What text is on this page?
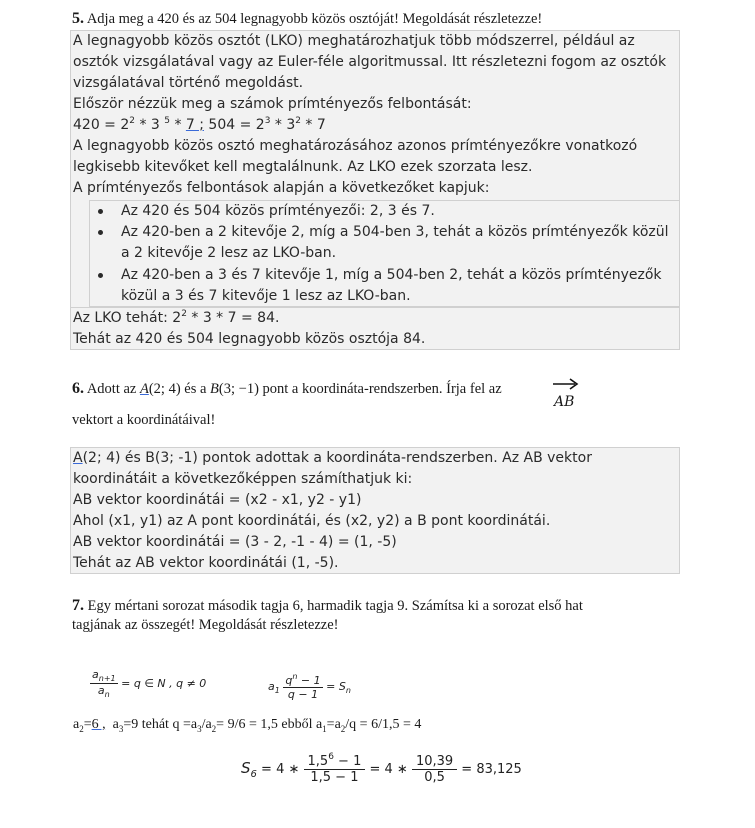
5. Adja meg a 420 és az 504 legnagyobb közös osztóját! Megoldását részletezze!
A legnagyobb közös osztót (LKO) meghatározhatjuk több módszerrel, például az
osztók vizsgálatával vagy az Euler-féle algoritmussal. Itt részletezni fogom az osztók
vizsgálatával történő megoldást.
Először nézzük meg a számok prímtényezős felbontását:
$420 = 2^2 * 3$ $^5$ * 7 ; $504 = 2^3 * 3^2 * 7$
A legnagyobb közös osztó meghatározásához azonos prímtényezőkre vonatkozó
legkisebb kitevőket kell megtalálnunk. Az LKO ezek szorzata lesz.
A prímtényezős felbontások alapján a következőket kapjuk:
Az 420 és 504 közös prímtényezői: 2, 3 és 7.
Az 420-ben a 2 kitevője 2, míg a 504-ben 3, tehát a közös prímtényezők közül
a 2 kitevője 2 lesz az LKO-ban.
Az 420-ben a 3 és 7 kitevője 1, míg a 504-ben 2, tehát a közös prímtényezők
közül a 3 és 7 kitevője 1 lesz az LKO-ban.
Az LKO tehát: $2^2 * 3 * 7 = 84$.
Tehát az 420 és 504 legnagyobb közös osztója 84.
6. Adott az A(2; 4) és a B(3; −1) pont a koordináta-rendszerben. Írja fel az
AB
vektort a koordinátáival!
A(2; 4) és B(3; -1) pontok adottak a koordináta-rendszerben. Az AB vektor
koordinátáit a következőképpen számíthatjuk ki:
AB vektor koordinátái = (x2 - x1, y2 - y1)
Ahol (x1, y1) az A pont koordinátái, és (x2, y2) a B pont koordinátái.
AB vektor koordinátái = (3 - 2, -1 - 4) = (1, -5)
Tehát az AB vektor koordinátái (1, -5).
7. Egy mértani sorozat második tagja 6, harmadik tagja 9. Számítsa ki a sorozat első hat
tagjának az összegét! Megoldását részletezze!
$\frac{a_{n+1}}{a_n} = q$ ∈ N , q ≠ 0	$a_1 \frac{q^n - 1}{q - 1} = S_n$
$a_2=6$ ,  $a_3=9$ tehát $q =a_3/a_2= 9/6 = 1,5$ ebből $a_1=a_2/q = 6/1,5 = 4$
$S_6 = 4$ ∗ $\frac{1,5^6 - 1}{1,5 - 1} = 4$ ∗ $\frac{10,39}{0,5} = 83,125$
